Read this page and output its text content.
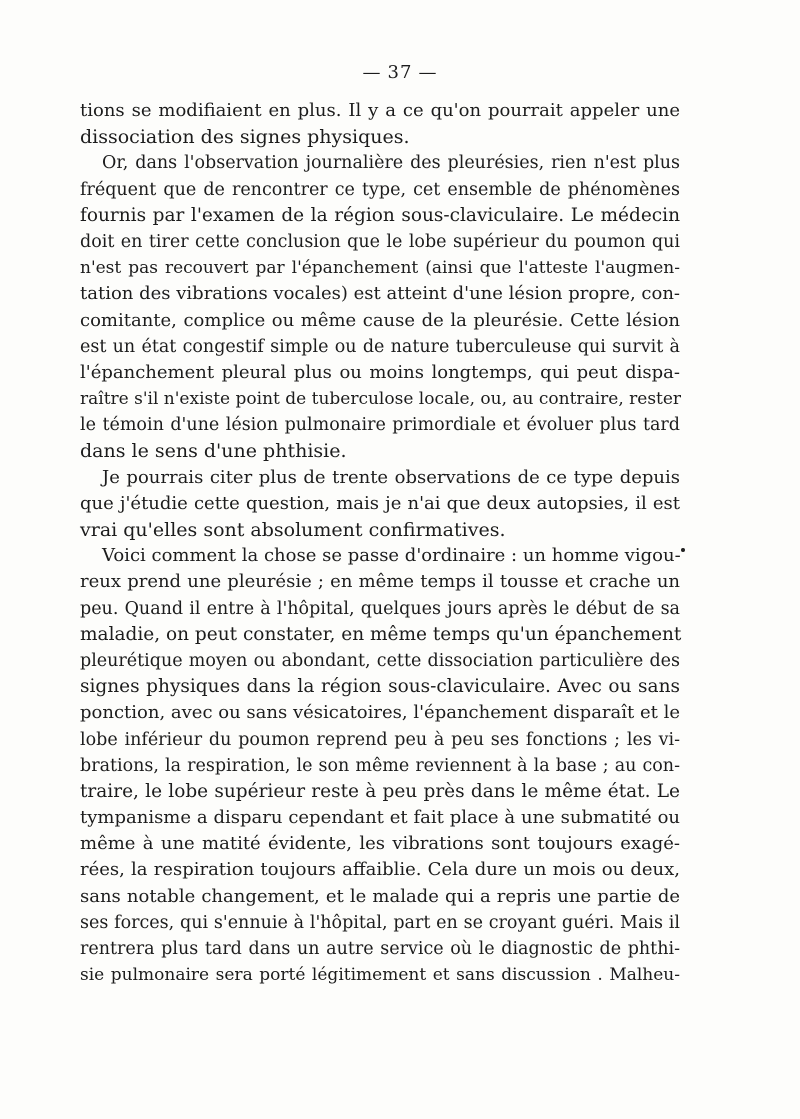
— 37 —
tions se modifiaient en plus. Il y a ce qu'on pourrait appeler une
dissociation des signes physiques.
Or, dans l'observation journalière des pleurésies, rien n'est plus
fréquent que de rencontrer ce type, cet ensemble de phénomènes
fournis par l'examen de la région sous-claviculaire. Le médecin
doit en tirer cette conclusion que le lobe supérieur du poumon qui
n'est pas recouvert par l'épanchement (ainsi que l'atteste l'augmen-
tation des vibrations vocales) est atteint d'une lésion propre, con-
comitante, complice ou même cause de la pleurésie. Cette lésion
est un état congestif simple ou de nature tuberculeuse qui survit à
l'épanchement pleural plus ou moins longtemps, qui peut dispa-
raître s'il n'existe point de tuberculose locale, ou, au contraire, rester
le témoin d'une lésion pulmonaire primordiale et évoluer plus tard
dans le sens d'une phthisie.
Je pourrais citer plus de trente observations de ce type depuis
que j'étudie cette question, mais je n'ai que deux autopsies, il est
vrai qu'elles sont absolument confirmatives.
Voici comment la chose se passe d'ordinaire : un homme vigou-
reux prend une pleurésie ; en même temps il tousse et crache un
peu. Quand il entre à l'hôpital, quelques jours après le début de sa
maladie, on peut constater, en même temps qu'un épanchement
pleurétique moyen ou abondant, cette dissociation particulière des
signes physiques dans la région sous-claviculaire. Avec ou sans
ponction, avec ou sans vésicatoires, l'épanchement disparaît et le
lobe inférieur du poumon reprend peu à peu ses fonctions ; les vi-
brations, la respiration, le son même reviennent à la base ; au con-
traire, le lobe supérieur reste à peu près dans le même état. Le
tympanisme a disparu cependant et fait place à une submatité ou
même à une matité évidente, les vibrations sont toujours exagé-
rées, la respiration toujours affaiblie. Cela dure un mois ou deux,
sans notable changement, et le malade qui a repris une partie de
ses forces, qui s'ennuie à l'hôpital, part en se croyant guéri. Mais il
rentrera plus tard dans un autre service où le diagnostic de phthi-
sie pulmonaire sera porté légitimement et sans discussion . Malheu-
